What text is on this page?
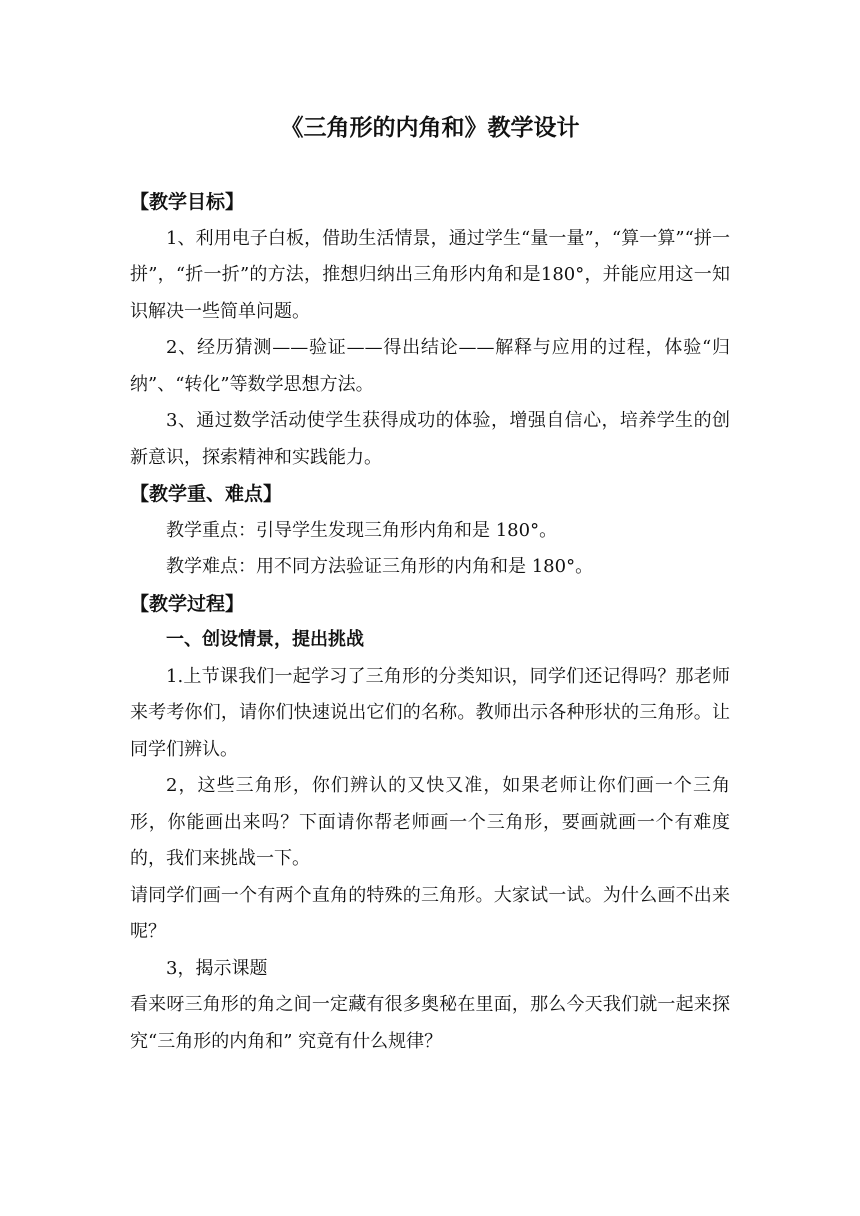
《三角形的内角和》教学设计

【教学目标】

1、利用电子白板，借助生活情景，通过学生“量一量”，“算一算”“拼一拼”，“折一折”的方法，推想归纳出三角形内角和是180°，并能应用这一知识解决一些简单问题。

2、经历猜测——验证——得出结论——解释与应用的过程，体验“归纳”、“转化”等数学思想方法。

3、通过数学活动使学生获得成功的体验，增强自信心，培养学生的创新意识，探索精神和实践能力。

【教学重、难点】

教学重点：引导学生发现三角形内角和是 180°。

教学难点：用不同方法验证三角形的内角和是 180°。

【教学过程】

一、创设情景，提出挑战

1.上节课我们一起学习了三角形的分类知识，同学们还记得吗？那老师来考考你们，请你们快速说出它们的名称。教师出示各种形状的三角形。让同学们辨认。

2，这些三角形，你们辨认的又快又准，如果老师让你们画一个三角形，你能画出来吗？下面请你帮老师画一个三角形，要画就画一个有难度的，我们来挑战一下。

请同学们画一个有两个直角的特殊的三角形。大家试一试。为什么画不出来呢？

3，揭示课题

看来呀三角形的角之间一定藏有很多奥秘在里面，那么今天我们就一起来探究“三角形的内角和” 究竟有什么规律？
